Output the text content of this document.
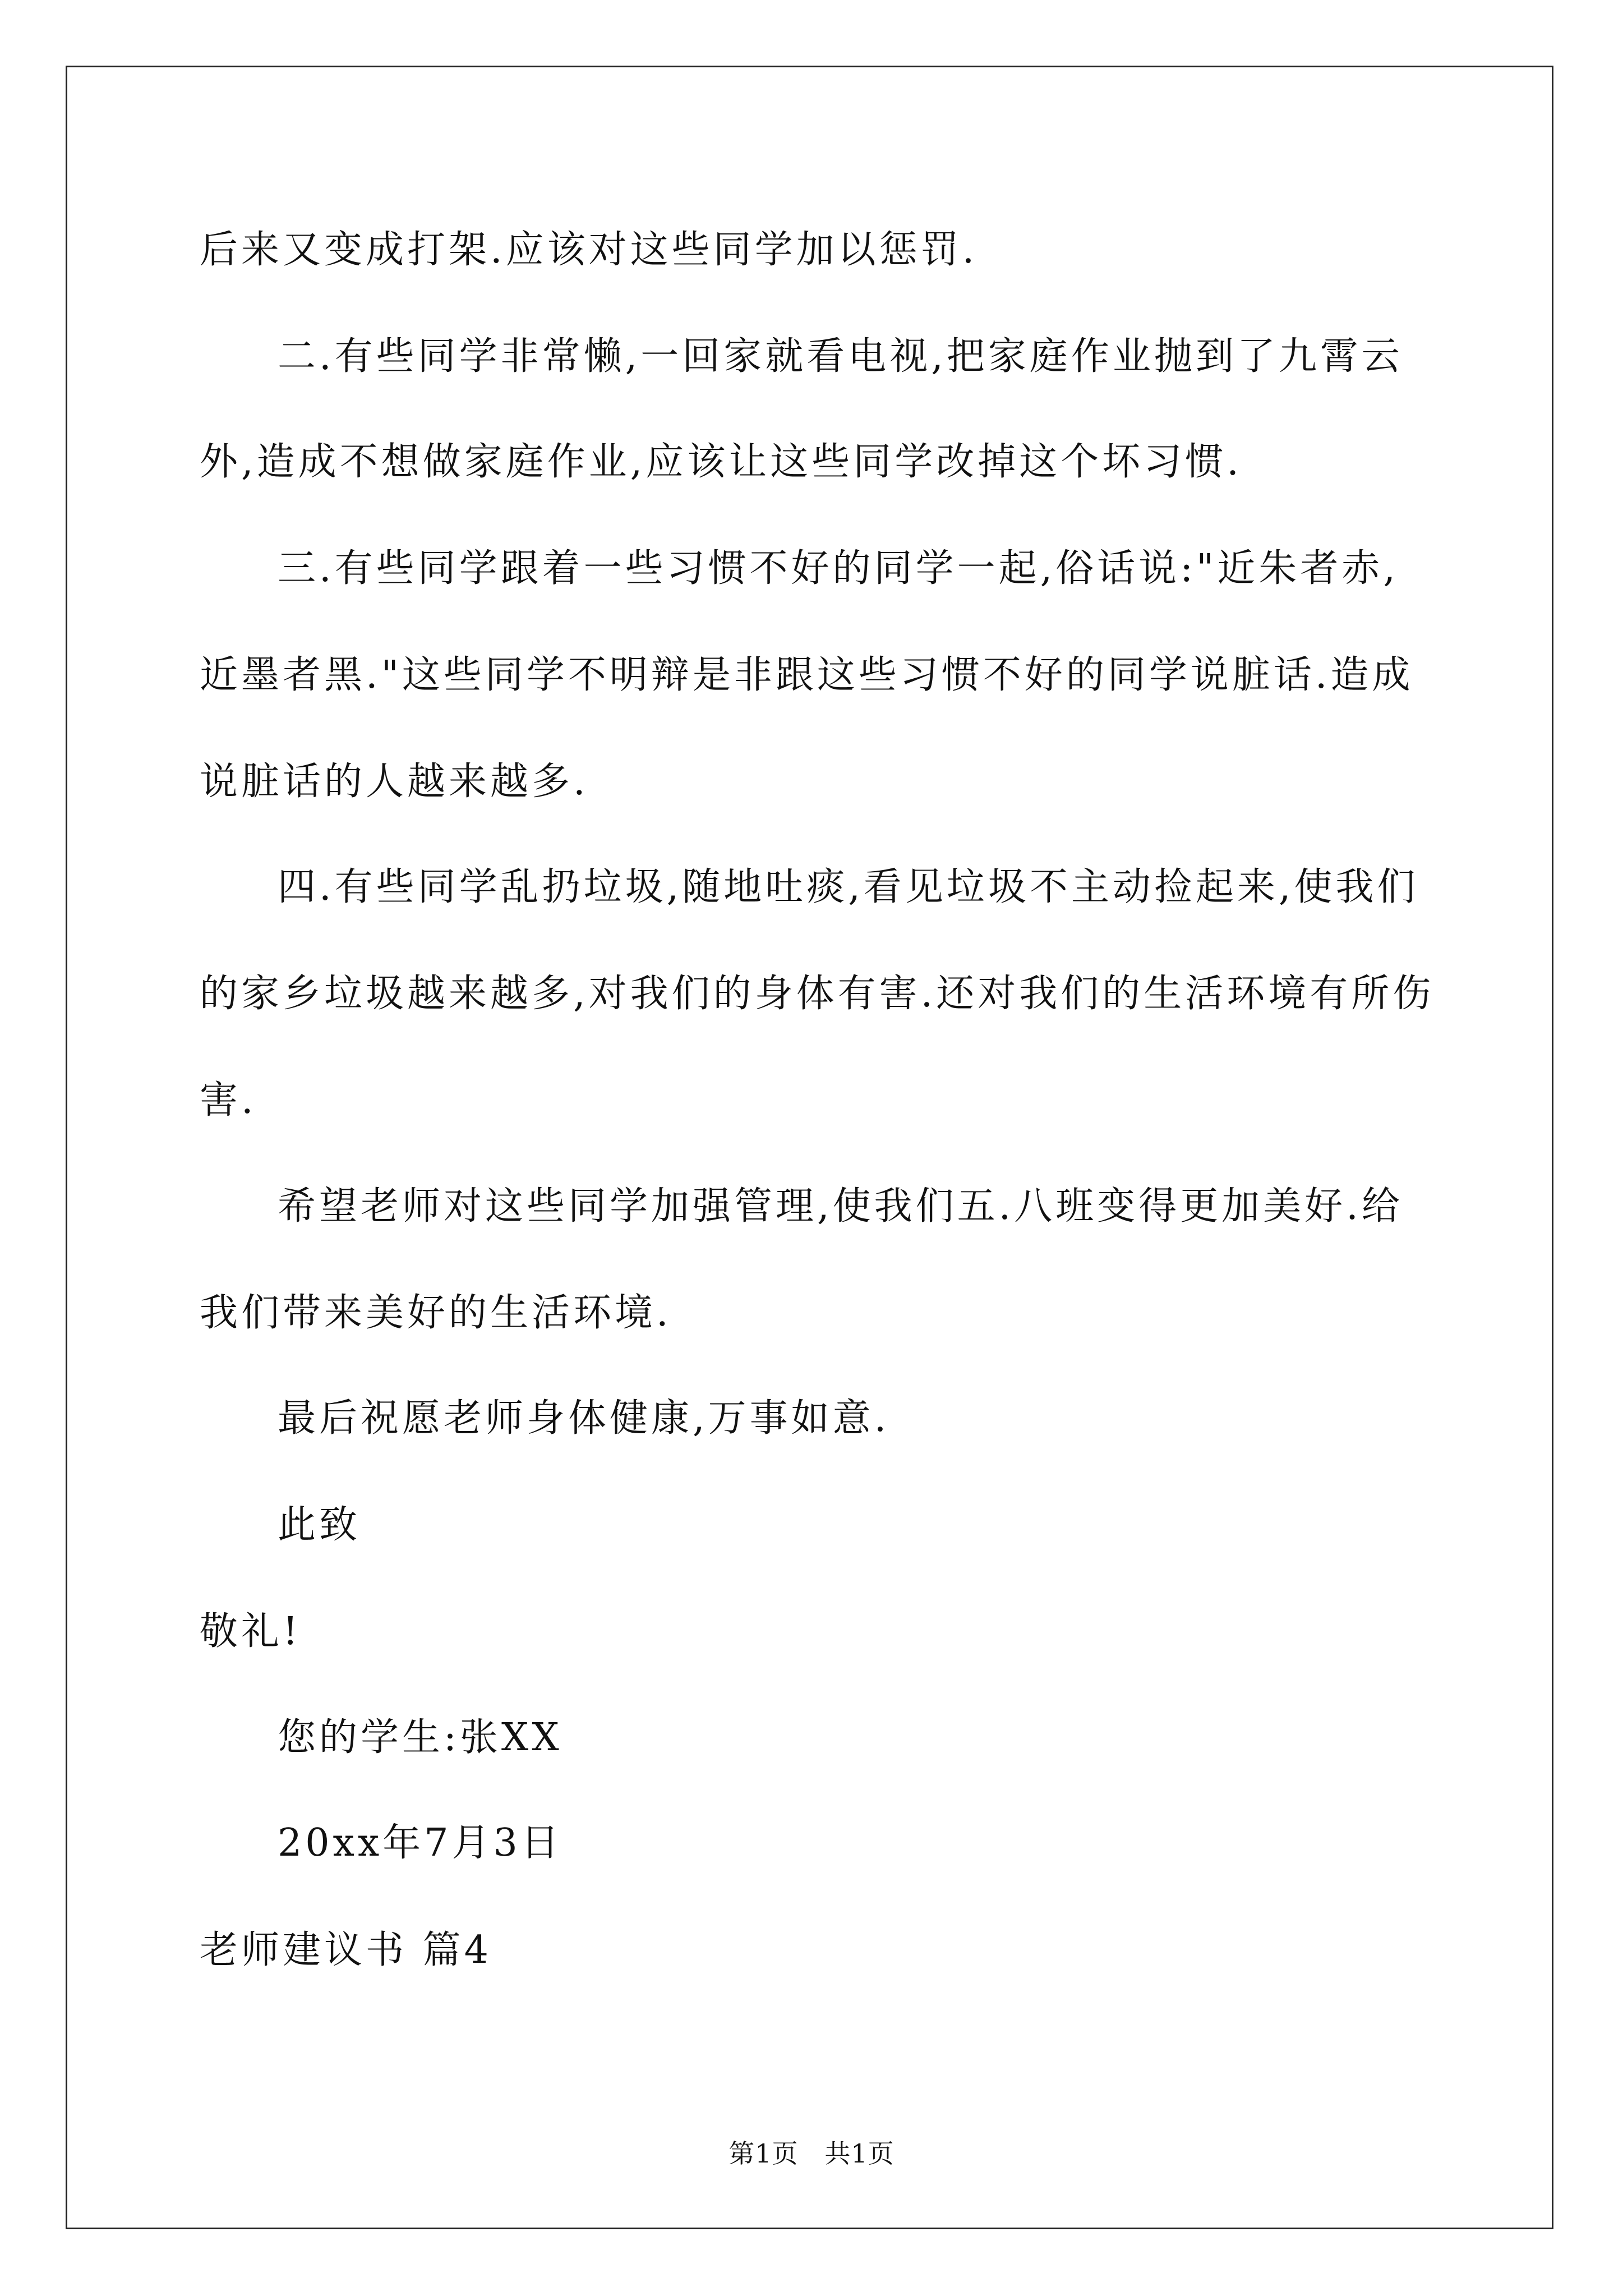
后来又变成打架.应该对这些同学加以惩罚.
二.有些同学非常懒,一回家就看电视,把家庭作业抛到了九霄云
外,造成不想做家庭作业,应该让这些同学改掉这个坏习惯.
三.有些同学跟着一些习惯不好的同学一起,俗话说:"近朱者赤,
近墨者黑."这些同学不明辩是非跟这些习惯不好的同学说脏话.造成
说脏话的人越来越多.
四.有些同学乱扔垃圾,随地吐痰,看见垃圾不主动捡起来,使我们
的家乡垃圾越来越多,对我们的身体有害.还对我们的生活环境有所伤
害.
希望老师对这些同学加强管理,使我们五.八班变得更加美好.给
我们带来美好的生活环境.
最后祝愿老师身体健康,万事如意.
此致
敬礼!
您的学生:张XX
20xx年7月3日
老师建议书 篇4
第1页   共1页
